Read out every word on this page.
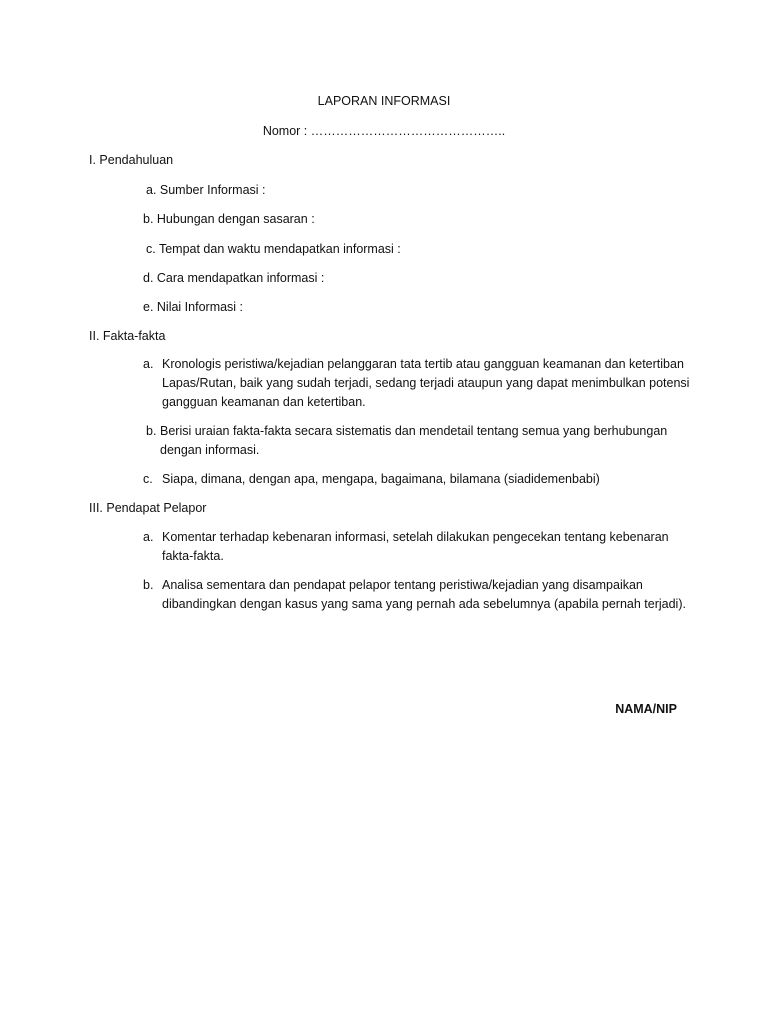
LAPORAN INFORMASI
Nomor : ………………………………………..
I. Pendahuluan
a. Sumber Informasi :
b. Hubungan dengan sasaran :
c. Tempat dan waktu mendapatkan informasi :
d. Cara mendapatkan informasi :
e. Nilai Informasi :
II. Fakta-fakta
a. Kronologis peristiwa/kejadian pelanggaran tata tertib atau gangguan keamanan dan ketertiban Lapas/Rutan, baik yang sudah terjadi, sedang terjadi ataupun yang dapat menimbulkan potensi gangguan keamanan dan ketertiban.
b. Berisi uraian fakta-fakta secara sistematis dan mendetail tentang semua yang berhubungan dengan informasi.
c. Siapa, dimana, dengan apa, mengapa, bagaimana, bilamana (siadidemenbabi)
III. Pendapat Pelapor
a. Komentar terhadap kebenaran informasi, setelah dilakukan pengecekan tentang kebenaran fakta-fakta.
b. Analisa sementara dan pendapat pelapor tentang peristiwa/kejadian yang disampaikan dibandingkan dengan kasus yang sama yang pernah ada sebelumnya (apabila pernah terjadi).
NAMA/NIP
